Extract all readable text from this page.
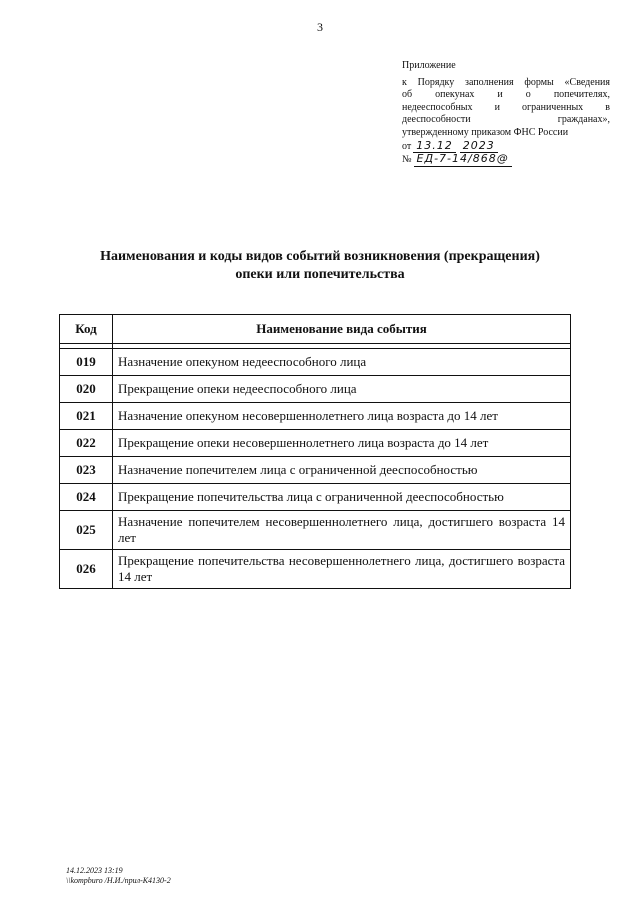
3
Приложение
к Порядку заполнения формы «Сведения
об опекунах и о попечителях,
недееспособных и ограниченных в
дееспособности гражданах»,
утвержденному приказом ФНС России
от 13.12 2023
№ ЕД-7-14/868@
Наименования и коды видов событий возникновения (прекращения)
опеки или попечительства
Код	Наименование вида события

019	Назначение опекуном недееспособного лица
020	Прекращение опеки недееспособного лица
021	Назначение опекуном несовершеннолетнего лица возраста до 14 лет
022	Прекращение опеки несовершеннолетнего лица возраста до 14 лет
023	Назначение попечителем лица с ограниченной дееспособностью
024	Прекращение попечительства лица с ограниченной дееспособностью
025	Назначение попечителем несовершеннолетнего лица, достигшего возраста 14 лет
026	Прекращение попечительства несовершеннолетнего лица, достигшего возраста 14 лет
14.12.2023 13:19
\\kompburo /Н.И./прил-К4130-2
